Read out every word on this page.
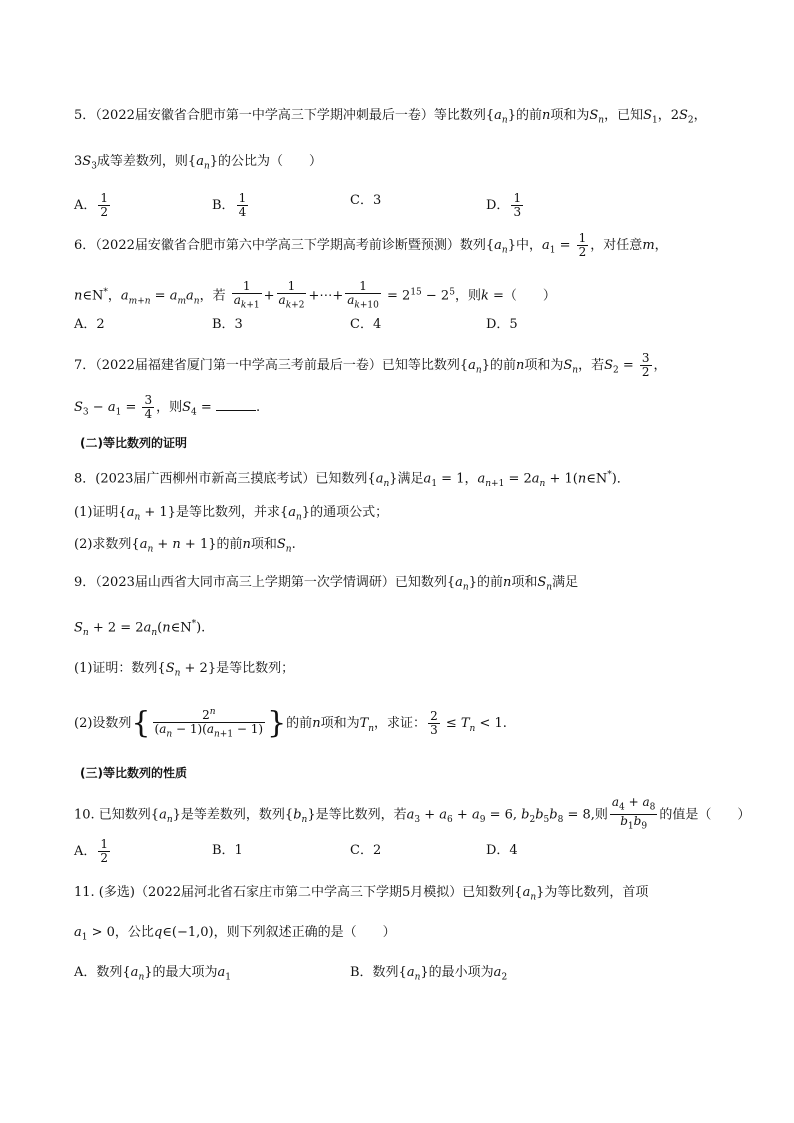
5．（2022届安徽省合肥市第一中学高三下学期冲刺最后一卷）等比数列$\{a_n\}$的前n项和为$S_n$，已知$S_1$，$2S_2$，
$3S_3$成等差数列，则$\{a_n\}$的公比为（　　）
A． $\frac{1}{2}$	B． $\frac{1}{4}$	C．3	D． $\frac{1}{3}$
6．（2022届安徽省合肥市第六中学高三下学期高考前诊断暨预测）数列$\{a_n\}$中，$a_1 = \frac{1}{2}$ ，对任意m，
n∈N*，$a_{m+n} = a_ma_n$，若 $\frac{1}{a_{k+1}} + \frac{1}{a_{k+2}}$ +⋯+ $\frac{1}{a_{k+10}} = 2^{15} - 2^5$，则k =（　　）
A．2	B．3	C．4	D．5
7．（2022届福建省厦门第一中学高三考前最后一卷）已知等比数列$\{a_n\}$的前n项和为$S_n$，若$S_2 = \frac{3}{2}$ ，
$S_3 - a_1 = \frac{3}{4}$ ，则$S_4$ =	.
(二)等比数列的证明
8．(2023届广西柳州市新高三摸底考试）已知数列$\{a_n\}$满足$a_1 = 1$，$a_{n+1} = 2a_n$ + 1(n∈N*)．
(1)证明$\{a_n + 1\}$是等比数列，并求$\{a_n\}$的通项公式；
(2)求数列$\{a_n + n + 1\}$的前n项和$S_n$.
9．（2023届山西省大同市高三上学期第一次学情调研）已知数列$\{a_n\}$的前n项和$S_n$满足
$S_n + 2$ = $2a_n(n\in N^*)$.
(1)证明：数列$\{S_n + 2\}$是等比数列；
(2)设数列{ $\frac{2^n}{(a_n - 1)(a_{n+1} - 1)}$ }的前n项和为$T_n$，求证： $\frac{2}{3} \le T_n < 1$.
(三)等比数列的性质
10. 已知数列$\{a_n\}$是等差数列，数列$\{b_n\}$是等比数列，若$a_3 + a_6 + a_9 = 6$, $b_2b_5b_8 = 8$,则 $\frac{a_4 + a_8}{b_1b_9}$ 的值是（　　）
A． $\frac{1}{2}$	B．1	C．2	D．4
11. (多选)（2022届河北省石家庄市第二中学高三下学期5月模拟）已知数列$\{a_n\}$为等比数列，首项
$a_1 > 0$，公比q∈(−1,0)，则下列叙述正确的是（　　）
A．数列$\{a_n\}$的最大项为$a_1$	B．数列$\{a_n\}$的最小项为$a_2$
